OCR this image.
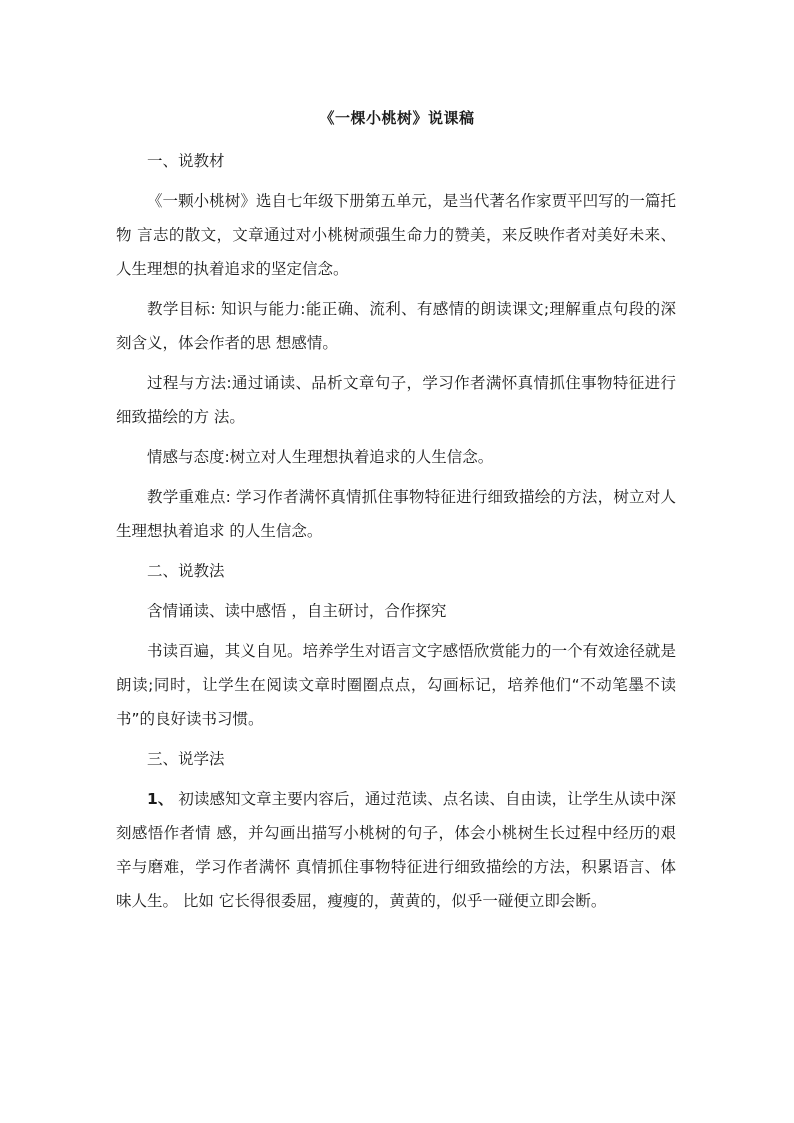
《一棵小桃树》说课稿
一、说教材
《一颗小桃树》选自七年级下册第五单元，是当代著名作家贾平凹写的一篇托物 言志的散文，文章通过对小桃树顽强生命力的赞美，来反映作者对美好未来、人生理想的执着追求的坚定信念。
教学目标: 知识与能力:能正确、流利、有感情的朗读课文;理解重点句段的深刻含义，体会作者的思 想感情。
过程与方法:通过诵读、品析文章句子，学习作者满怀真情抓住事物特征进行细致描绘的方 法。
情感与态度:树立对人生理想执着追求的人生信念。
教学重难点: 学习作者满怀真情抓住事物特征进行细致描绘的方法，树立对人生理想执着追求 的人生信念。
二、说教法
含情诵读、读中感悟 ，自主研讨，合作探究
书读百遍，其义自见。培养学生对语言文字感悟欣赏能力的一个有效途径就是朗读;同时，让学生在阅读文章时圈圈点点，勾画标记，培养他们“不动笔墨不读书”的良好读书习惯。
三、说学法
1、 初读感知文章主要内容后，通过范读、点名读、自由读，让学生从读中深刻感悟作者情 感，并勾画出描写小桃树的句子，体会小桃树生长过程中经历的艰辛与磨难，学习作者满怀 真情抓住事物特征进行细致描绘的方法，积累语言、体味人生。 比如 它长得很委屈，瘦瘦的，黄黄的，似乎一碰便立即会断。
